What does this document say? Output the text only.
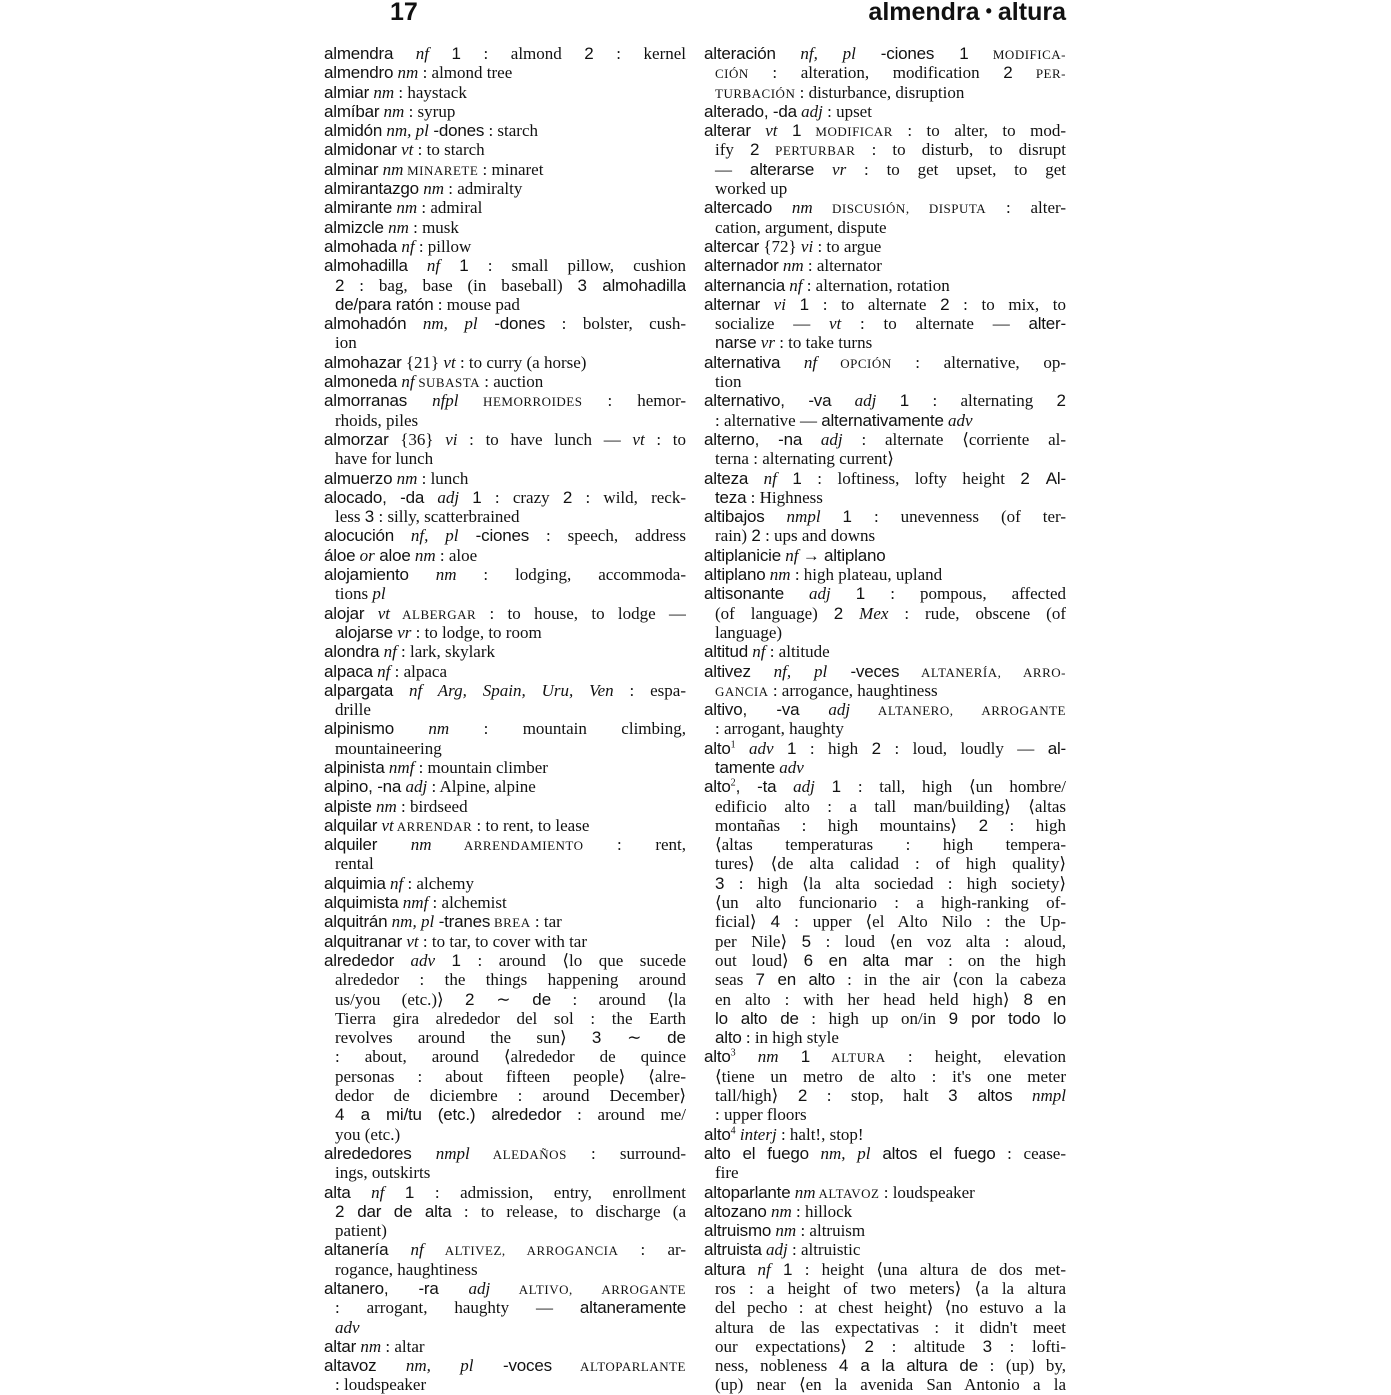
17	almendra • altura
almendra nf 1 : almond 2 : kernel
almendro nm : almond tree
almiar nm : haystack
almíbar nm : syrup
almidón nm, pl -dones : starch
almidonar vt : to starch
alminar nm MINARETE : minaret
almirantazgo nm : admiralty
almirante nm : admiral
almizcle nm : musk
almohada nf : pillow
almohadilla nf 1 : small pillow, cushion
2 : bag, base (in baseball) 3 almohadilla
de/para ratón : mouse pad
almohadón nm, pl -dones : bolster, cush-
ion
almohazar {21} vt : to curry (a horse)
almoneda nf SUBASTA : auction
almorranas nfpl HEMORROIDES : hemor-
rhoids, piles
almorzar {36} vi : to have lunch — vt : to
have for lunch
almuerzo nm : lunch
alocado, -da adj 1 : crazy 2 : wild, reck-
less 3 : silly, scatterbrained
alocución nf, pl -ciones : speech, address
áloe or aloe nm : aloe
alojamiento nm : lodging, accommoda-
tions pl
alojar vt ALBERGAR : to house, to lodge —
alojarse vr : to lodge, to room
alondra nf : lark, skylark
alpaca nf : alpaca
alpargata nf Arg, Spain, Uru, Ven : espa-
drille
alpinismo nm : mountain climbing,
mountaineering
alpinista nmf : mountain climber
alpino, -na adj : Alpine, alpine
alpiste nm : birdseed
alquilar vt ARRENDAR : to rent, to lease
alquiler nm ARRENDAMIENTO : rent,
rental
alquimia nf : alchemy
alquimista nmf : alchemist
alquitrán nm, pl -tranes BREA : tar
alquitranar vt : to tar, to cover with tar
alrededor adv 1 : around ⟨lo que sucede
alrededor : the things happening around
us/you (etc.)⟩ 2 ∼ de : around ⟨la
Tierra gira alrededor del sol : the Earth
revolves around the sun⟩ 3 ∼ de
: about, around ⟨alrededor de quince
personas : about fifteen people⟩ ⟨alre-
dedor de diciembre : around December⟩
4 a mi/tu (etc.) alrededor : around me/
you (etc.)
alrededores nmpl ALEDAÑOS : surround-
ings, outskirts
alta nf 1 : admission, entry, enrollment
2 dar de alta : to release, to discharge (a
patient)
altanería nf ALTIVEZ, ARROGANCIA : ar-
rogance, haughtiness
altanero, -ra adj ALTIVO, ARROGANTE
: arrogant, haughty — altaneramente
adv
altar nm : altar
altavoz nm, pl -voces ALTOPARLANTE
: loudspeaker
alteración nf, pl -ciones 1 MODIFICA-
CIÓN : alteration, modification 2 PER-
TURBACIÓN : disturbance, disruption
alterado, -da adj : upset
alterar vt 1 MODIFICAR : to alter, to mod-
ify 2 PERTURBAR : to disturb, to disrupt
— alterarse vr : to get upset, to get
worked up
altercado nm DISCUSIÓN, DISPUTA : alter-
cation, argument, dispute
altercar {72} vi : to argue
alternador nm : alternator
alternancia nf : alternation, rotation
alternar vi 1 : to alternate 2 : to mix, to
socialize — vt : to alternate — alter-
narse vr : to take turns
alternativa nf OPCIÓN : alternative, op-
tion
alternativo, -va adj 1 : alternating 2
: alternative — alternativamente adv
alterno, -na adj : alternate ⟨corriente al-
terna : alternating current⟩
alteza nf 1 : loftiness, lofty height 2 Al-
teza : Highness
altibajos nmpl 1 : unevenness (of ter-
rain) 2 : ups and downs
altiplanicie nf → altiplano
altiplano nm : high plateau, upland
altisonante adj 1 : pompous, affected
(of language) 2 Mex : rude, obscene (of
language)
altitud nf : altitude
altivez nf, pl -veces ALTANERÍA, ARRO-
GANCIA : arrogance, haughtiness
altivo, -va adj ALTANERO, ARROGANTE
: arrogant, haughty
alto$^1$ adv 1 : high 2 : loud, loudly — al-
tamente adv
alto$^2$, -ta adj 1 : tall, high ⟨un hombre/
edificio alto : a tall man/building⟩ ⟨altas
montañas : high mountains⟩ 2 : high
⟨altas temperaturas : high tempera-
tures⟩ ⟨de alta calidad : of high quality⟩
3 : high ⟨la alta sociedad : high society⟩
⟨un alto funcionario : a high-ranking of-
ficial⟩ 4 : upper ⟨el Alto Nilo : the Up-
per Nile⟩ 5 : loud ⟨en voz alta : aloud,
out loud⟩ 6 en alta mar : on the high
seas 7 en alto : in the air ⟨con la cabeza
en alto : with her head held high⟩ 8 en
lo alto de : high up on/in 9 por todo lo
alto : in high style
alto$^3$ nm 1 ALTURA : height, elevation
⟨tiene un metro de alto : it's one meter
tall/high⟩ 2 : stop, halt 3 altos nmpl
: upper floors
alto$^4$ interj : halt!, stop!
alto el fuego nm, pl altos el fuego : cease-
fire
altoparlante nm ALTAVOZ : loudspeaker
altozano nm : hillock
altruismo nm : altruism
altruista adj : altruistic
altura nf 1 : height ⟨una altura de dos met-
ros : a height of two meters⟩ ⟨a la altura
del pecho : at chest height⟩ ⟨no estuvo a la
altura de las expectativas : it didn't meet
our expectations⟩ 2 : altitude 3 : lofti-
ness, nobleness 4 a la altura de : (up) by,
(up) near ⟨en la avenida San Antonio a la
